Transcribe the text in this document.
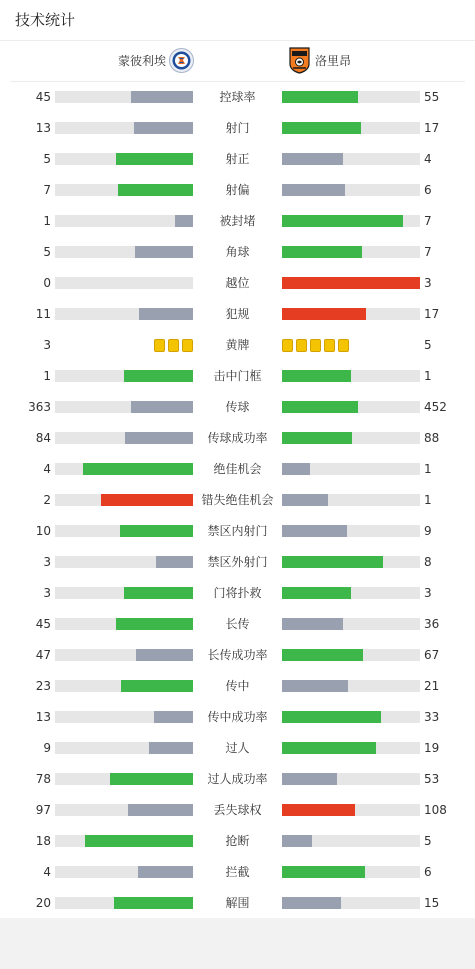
技术统计
蒙彼利埃	洛里昂
45	控球率	55
13	射门	17
5	射正	4
7	射偏	6
1	被封堵	7
5	角球	7
0	越位	3
11	犯规	17
3	黄牌	5
1	击中门框	1
363	传球	452
84	传球成功率	88
4	绝佳机会	1
2	错失绝佳机会	1
10	禁区内射门	9
3	禁区外射门	8
3	门将扑救	3
45	长传	36
47	长传成功率	67
23	传中	21
13	传中成功率	33
9	过人	19
78	过人成功率	53
97	丢失球权	108
18	抢断	5
4	拦截	6
20	解围	15
